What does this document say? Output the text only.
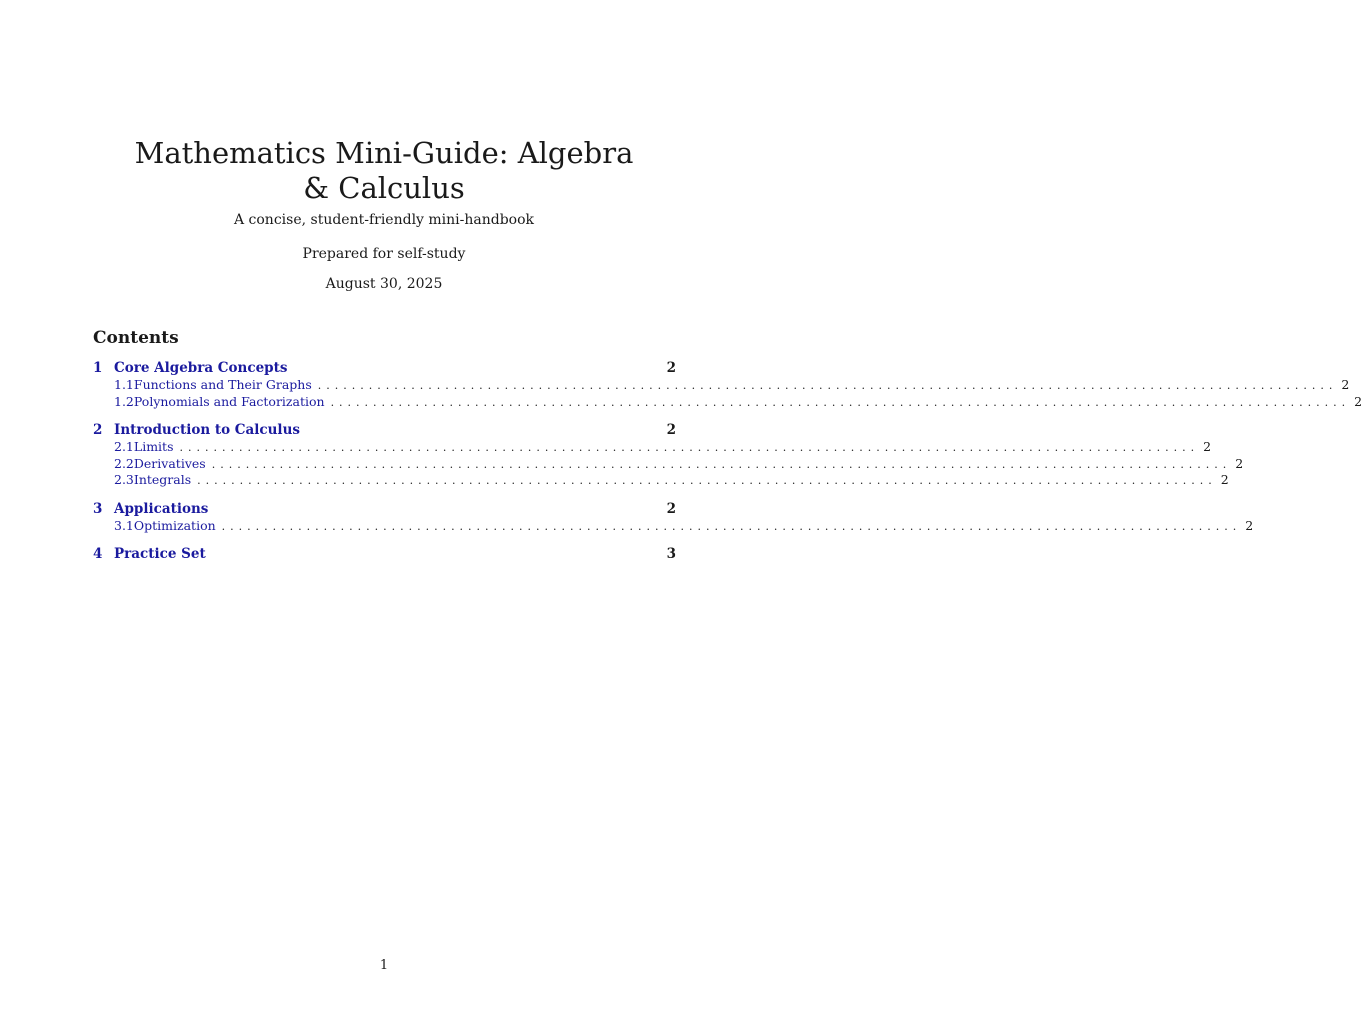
Mathematics Mini-Guide: Algebra & Calculus
A concise, student-friendly mini-handbook
Prepared for self-study
August 30, 2025
Contents
1 Core Algebra Concepts	2
1.1 Functions and Their Graphs ........................................................................................................................ 2
1.2 Polynomials and Factorization ........................................................................................................................ 2
2 Introduction to Calculus	2
2.1 Limits ........................................................................................................................ 2
2.2 Derivatives ........................................................................................................................ 2
2.3 Integrals ........................................................................................................................ 2
3 Applications	2
3.1 Optimization ........................................................................................................................ 2
4 Practice Set	3
1
